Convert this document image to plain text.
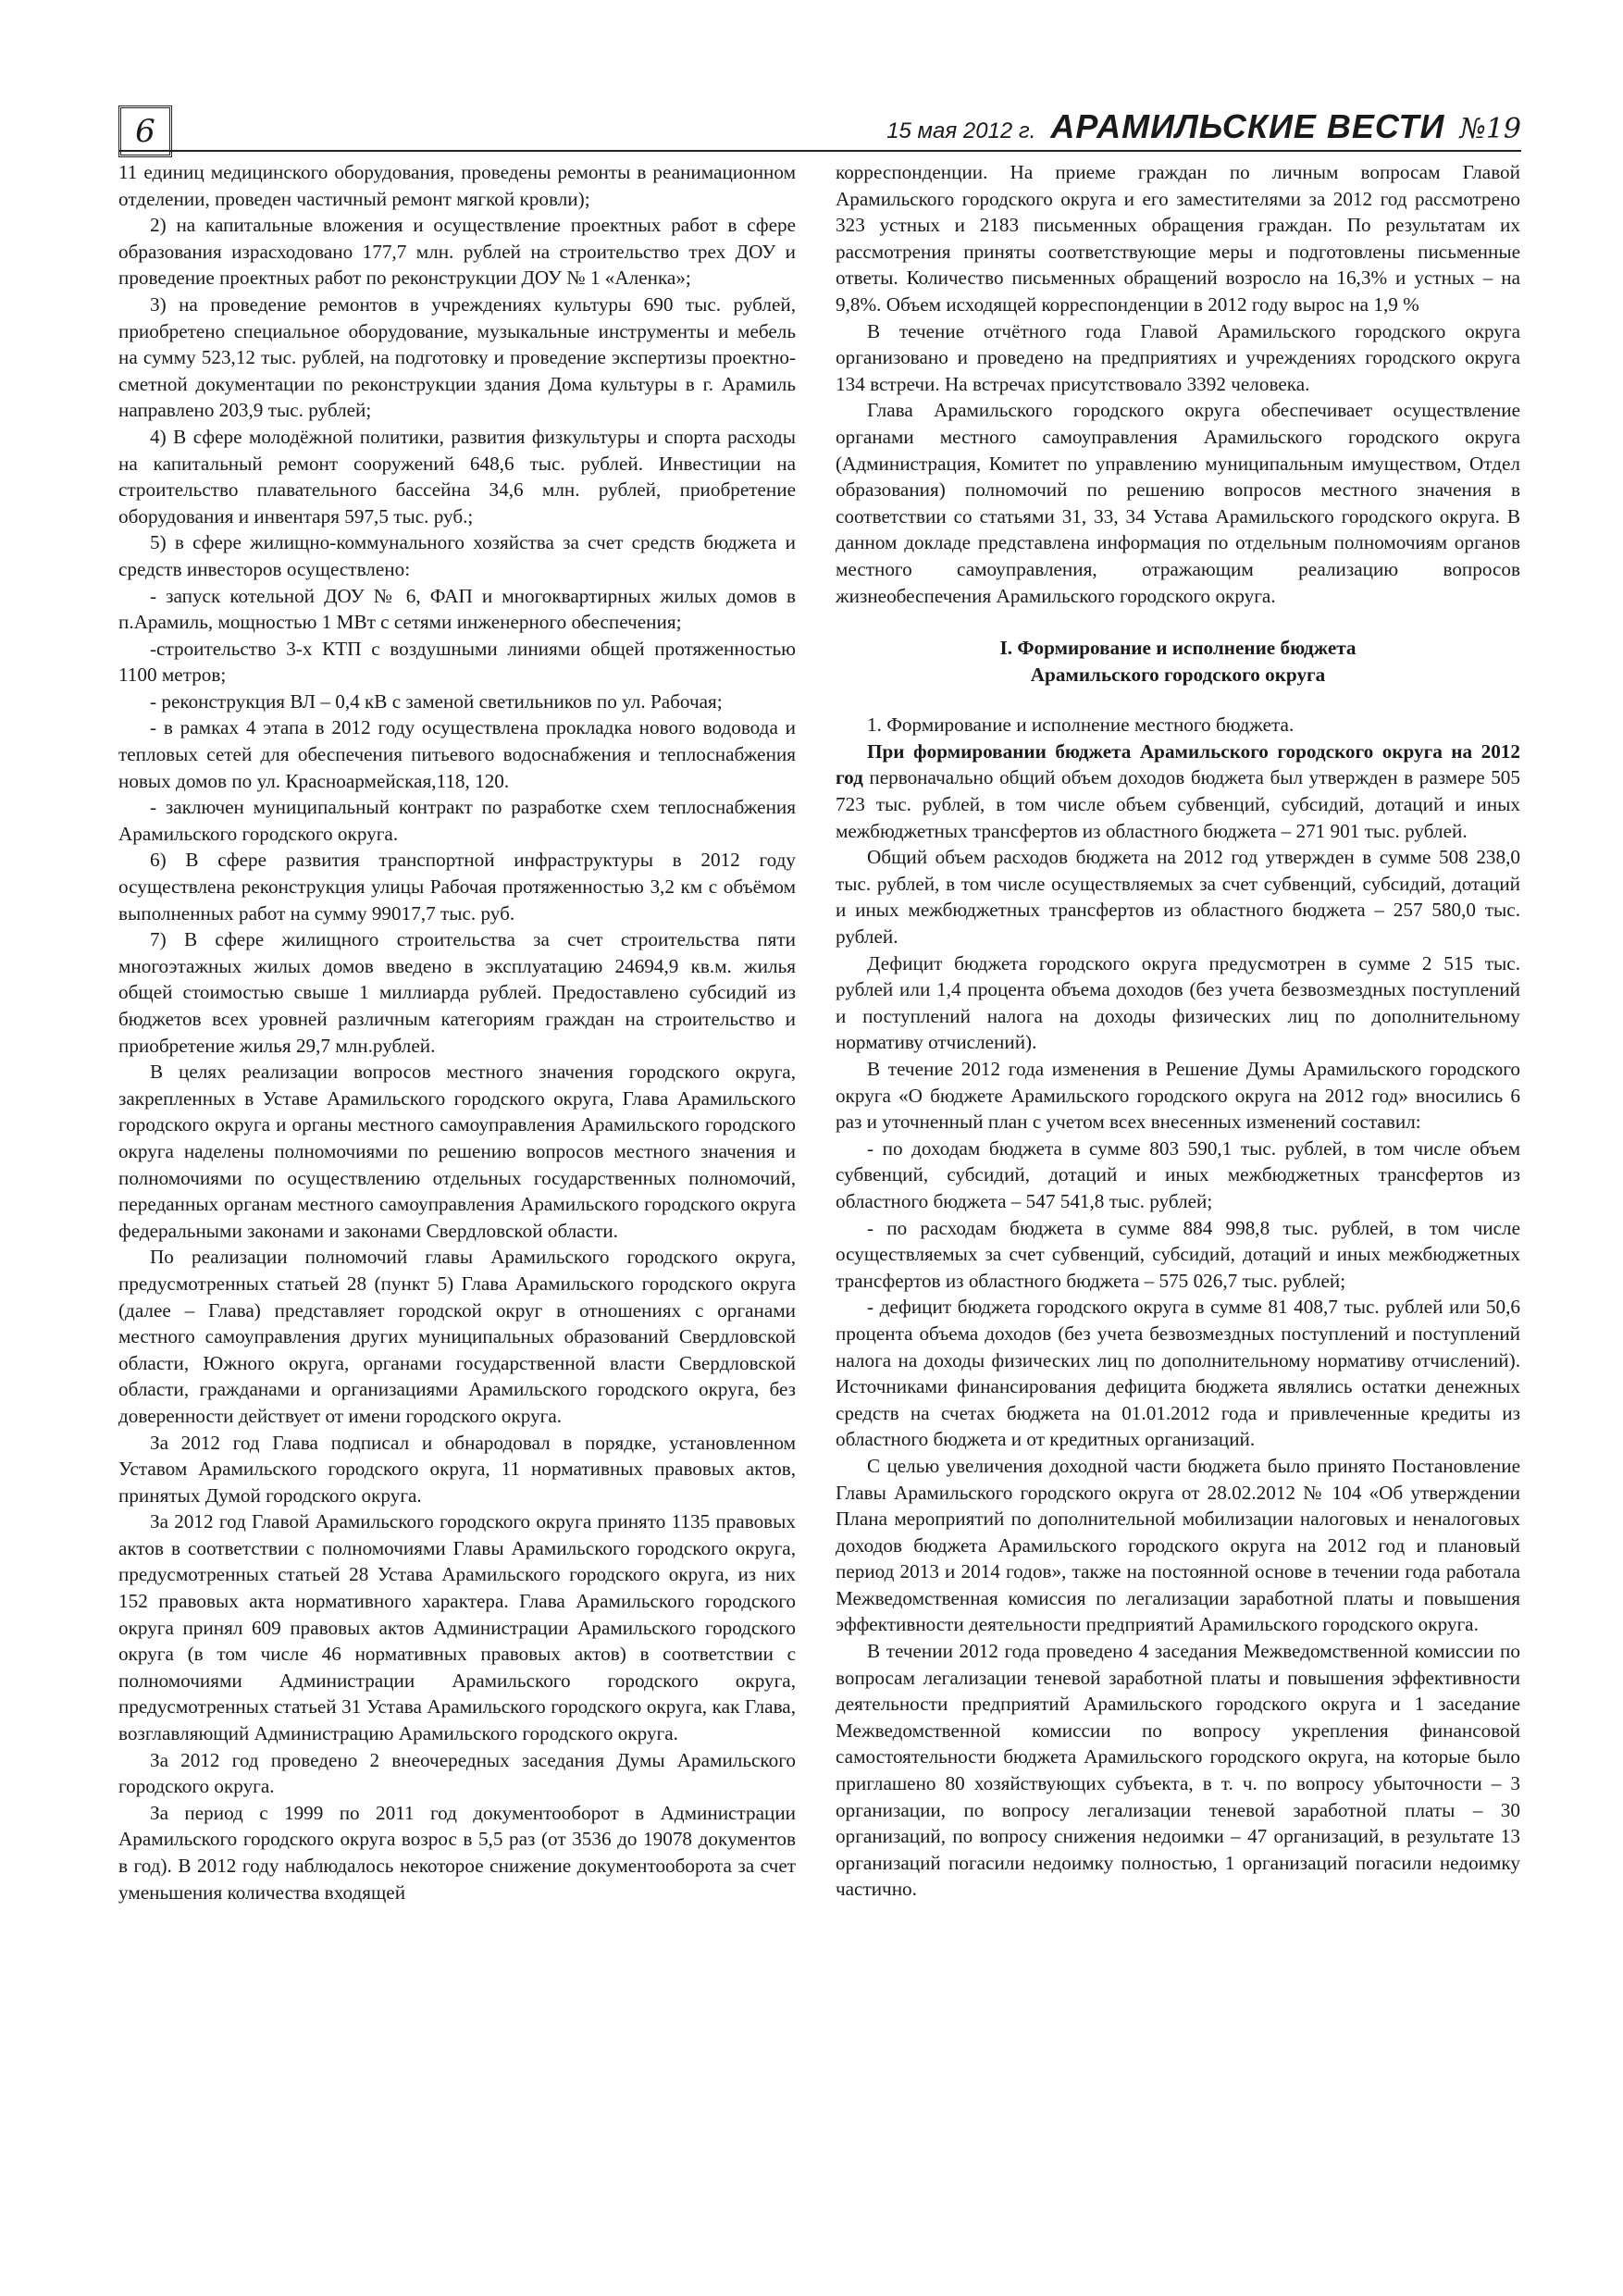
6	15 мая 2012 г. АРАМИЛЬСКИЕ ВЕСТИ №19

11 единиц медицинского оборудования, проведены ремонты в реанимационном отделении, проведен частичный ремонт мягкой кровли);

2) на капитальные вложения и осуществление проектных работ в сфере образования израсходовано 177,7 млн. рублей на строительство трех ДОУ и проведение проектных работ по реконструкции ДОУ № 1 «Аленка»;

3) на проведение ремонтов в учреждениях культуры 690 тыс. рублей, приобретено специальное оборудование, музыкальные инструменты и мебель на сумму 523,12 тыс. рублей, на подготовку и проведение экспертизы проектно-сметной документации по реконструкции здания Дома культуры в г. Арамиль направлено 203,9 тыс. рублей;

4) В сфере молодёжной политики, развития физкультуры и спорта расходы на капитальный ремонт сооружений 648,6 тыс. рублей. Инвестиции на строительство плавательного бассейна 34,6 млн. рублей, приобретение оборудования и инвентаря 597,5 тыс. руб.;

5) в сфере жилищно-коммунального хозяйства за счет средств бюджета и средств инвесторов осуществлено:

- запуск котельной ДОУ № 6, ФАП и многоквартирных жилых домов в п.Арамиль, мощностью 1 МВт с сетями инженерного обеспечения;

-строительство 3-х КТП с воздушными линиями общей протяженностью 1100 метров;

- реконструкция ВЛ – 0,4 кВ с заменой светильников по ул. Рабочая;

- в рамках 4 этапа в 2012 году осуществлена прокладка нового водовода и тепловых сетей для обеспечения питьевого водоснабжения и теплоснабжения новых домов по ул. Красноармейская,118, 120.

- заключен муниципальный контракт по разработке схем теплоснабжения Арамильского городского округа.

6) В сфере развития транспортной инфраструктуры в 2012 году осуществлена реконструкция улицы Рабочая протяженностью 3,2 км с объёмом выполненных работ на сумму 99017,7 тыс. руб.

7) В сфере жилищного строительства за счет строительства пяти многоэтажных жилых домов введено в эксплуатацию 24694,9 кв.м. жилья общей стоимостью свыше 1 миллиарда рублей. Предоставлено субсидий из бюджетов всех уровней различным категориям граждан на строительство и приобретение жилья 29,7 млн.рублей.

В целях реализации вопросов местного значения городского округа, закрепленных в Уставе Арамильского городского округа, Глава Арамильского городского округа и органы местного самоуправления Арамильского городского округа наделены полномочиями по решению вопросов местного значения и полномочиями по осуществлению отдельных государственных полномочий, переданных органам местного самоуправления Арамильского городского округа федеральными законами и законами Свердловской области.

По реализации полномочий главы Арамильского городского округа, предусмотренных статьей 28 (пункт 5) Глава Арамильского городского округа (далее – Глава) представляет городской округ в отношениях с органами местного самоуправления других муниципальных образований Свердловской области, Южного округа, органами государственной власти Свердловской области, гражданами и организациями Арамильского городского округа, без доверенности действует от имени городского округа.

За 2012 год Глава подписал и обнародовал в порядке, установленном Уставом Арамильского городского округа, 11 нормативных правовых актов, принятых Думой городского округа.

За 2012 год Главой Арамильского городского округа принято 1135 правовых актов в соответствии с полномочиями Главы Арамильского городского округа, предусмотренных статьей 28 Устава Арамильского городского округа, из них 152 правовых акта нормативного характера. Глава Арамильского городского округа принял 609 правовых актов Администрации Арамильского городского округа (в том числе 46 нормативных правовых актов) в соответствии с полномочиями Администрации Арамильского городского округа, предусмотренных статьей 31 Устава Арамильского городского округа, как Глава, возглавляющий Администрацию Арамильского городского округа.

За 2012 год проведено 2 внеочередных заседания Думы Арамильского городского округа.

За период с 1999 по 2011 год документооборот в Администрации Арамильского городского округа возрос в 5,5 раз (от 3536 до 19078 документов в год). В 2012 году наблюдалось некоторое снижение документооборота за счет уменьшения количества входящей

корреспонденции. На приеме граждан по личным вопросам Главой Арамильского городского округа и его заместителями за 2012 год рассмотрено 323 устных и 2183 письменных обращения граждан. По результатам их рассмотрения приняты соответствующие меры и подготовлены письменные ответы. Количество письменных обращений возросло на 16,3% и устных – на 9,8%. Объем исходящей корреспонденции в 2012 году вырос на 1,9 %

В течение отчётного года Главой Арамильского городского округа организовано и проведено на предприятиях и учреждениях городского округа 134 встречи. На встречах присутствовало 3392 человека.

Глава Арамильского городского округа обеспечивает осуществление органами местного самоуправления Арамильского городского округа (Администрация, Комитет по управлению муниципальным имуществом, Отдел образования) полномочий по решению вопросов местного значения в соответствии со статьями 31, 33, 34 Устава Арамильского городского округа. В данном докладе представлена информация по отдельным полномочиям органов местного самоуправления, отражающим реализацию вопросов жизнеобеспечения Арамильского городского округа.

I. Формирование и исполнение бюджета

Арамильского городского округа

1. Формирование и исполнение местного бюджета.

При формировании бюджета Арамильского городского округа на 2012 год первоначально общий объем доходов бюджета был утвержден в размере 505 723 тыс. рублей, в том числе объем субвенций, субсидий, дотаций и иных межбюджетных трансфертов из областного бюджета – 271 901 тыс. рублей.

Общий объем расходов бюджета на 2012 год утвержден в сумме 508 238,0 тыс. рублей, в том числе осуществляемых за счет субвенций, субсидий, дотаций и иных межбюджетных трансфертов из областного бюджета – 257 580,0 тыс. рублей.

Дефицит бюджета городского округа предусмотрен в сумме 2 515 тыс. рублей или 1,4 процента объема доходов (без учета безвозмездных поступлений и поступлений налога на доходы физических лиц по дополнительному нормативу отчислений).

В течение 2012 года изменения в Решение Думы Арамильского городского округа «О бюджете Арамильского городского округа на 2012 год» вносились 6 раз и уточненный план с учетом всех внесенных изменений составил:

- по доходам бюджета в сумме 803 590,1 тыс. рублей, в том числе объем субвенций, субсидий, дотаций и иных межбюджетных трансфертов из областного бюджета – 547 541,8 тыс. рублей;

- по расходам бюджета в сумме 884 998,8 тыс. рублей, в том числе осуществляемых за счет субвенций, субсидий, дотаций и иных межбюджетных трансфертов из областного бюджета – 575 026,7 тыс. рублей;

- дефицит бюджета городского округа в сумме 81 408,7 тыс. рублей или 50,6 процента объема доходов (без учета безвозмездных поступлений и поступлений налога на доходы физических лиц по дополнительному нормативу отчислений). Источниками финансирования дефицита бюджета являлись остатки денежных средств на счетах бюджета на 01.01.2012 года и привлеченные кредиты из областного бюджета и от кредитных организаций.

С целью увеличения доходной части бюджета было принято Постановление Главы Арамильского городского округа от 28.02.2012 № 104 «Об утверждении Плана мероприятий по дополнительной мобилизации налоговых и неналоговых доходов бюджета Арамильского городского округа на 2012 год и плановый период 2013 и 2014 годов», также на постоянной основе в течении года работала Межведомственная комиссия по легализации заработной платы и повышения эффективности деятельности предприятий Арамильского городского округа.

В течении 2012 года проведено 4 заседания Межведомственной комиссии по вопросам легализации теневой заработной платы и повышения эффективности деятельности предприятий Арамильского городского округа и 1 заседание Межведомственной комиссии по вопросу укрепления финансовой самостоятельности бюджета Арамильского городского округа, на которые было приглашено 80 хозяйствующих субъекта, в т. ч. по вопросу убыточности – 3 организации, по вопросу легализации теневой заработной платы – 30 организаций, по вопросу снижения недоимки – 47 организаций, в результате 13 организаций погасили недоимку полностью, 1 организаций погасили недоимку частично.
